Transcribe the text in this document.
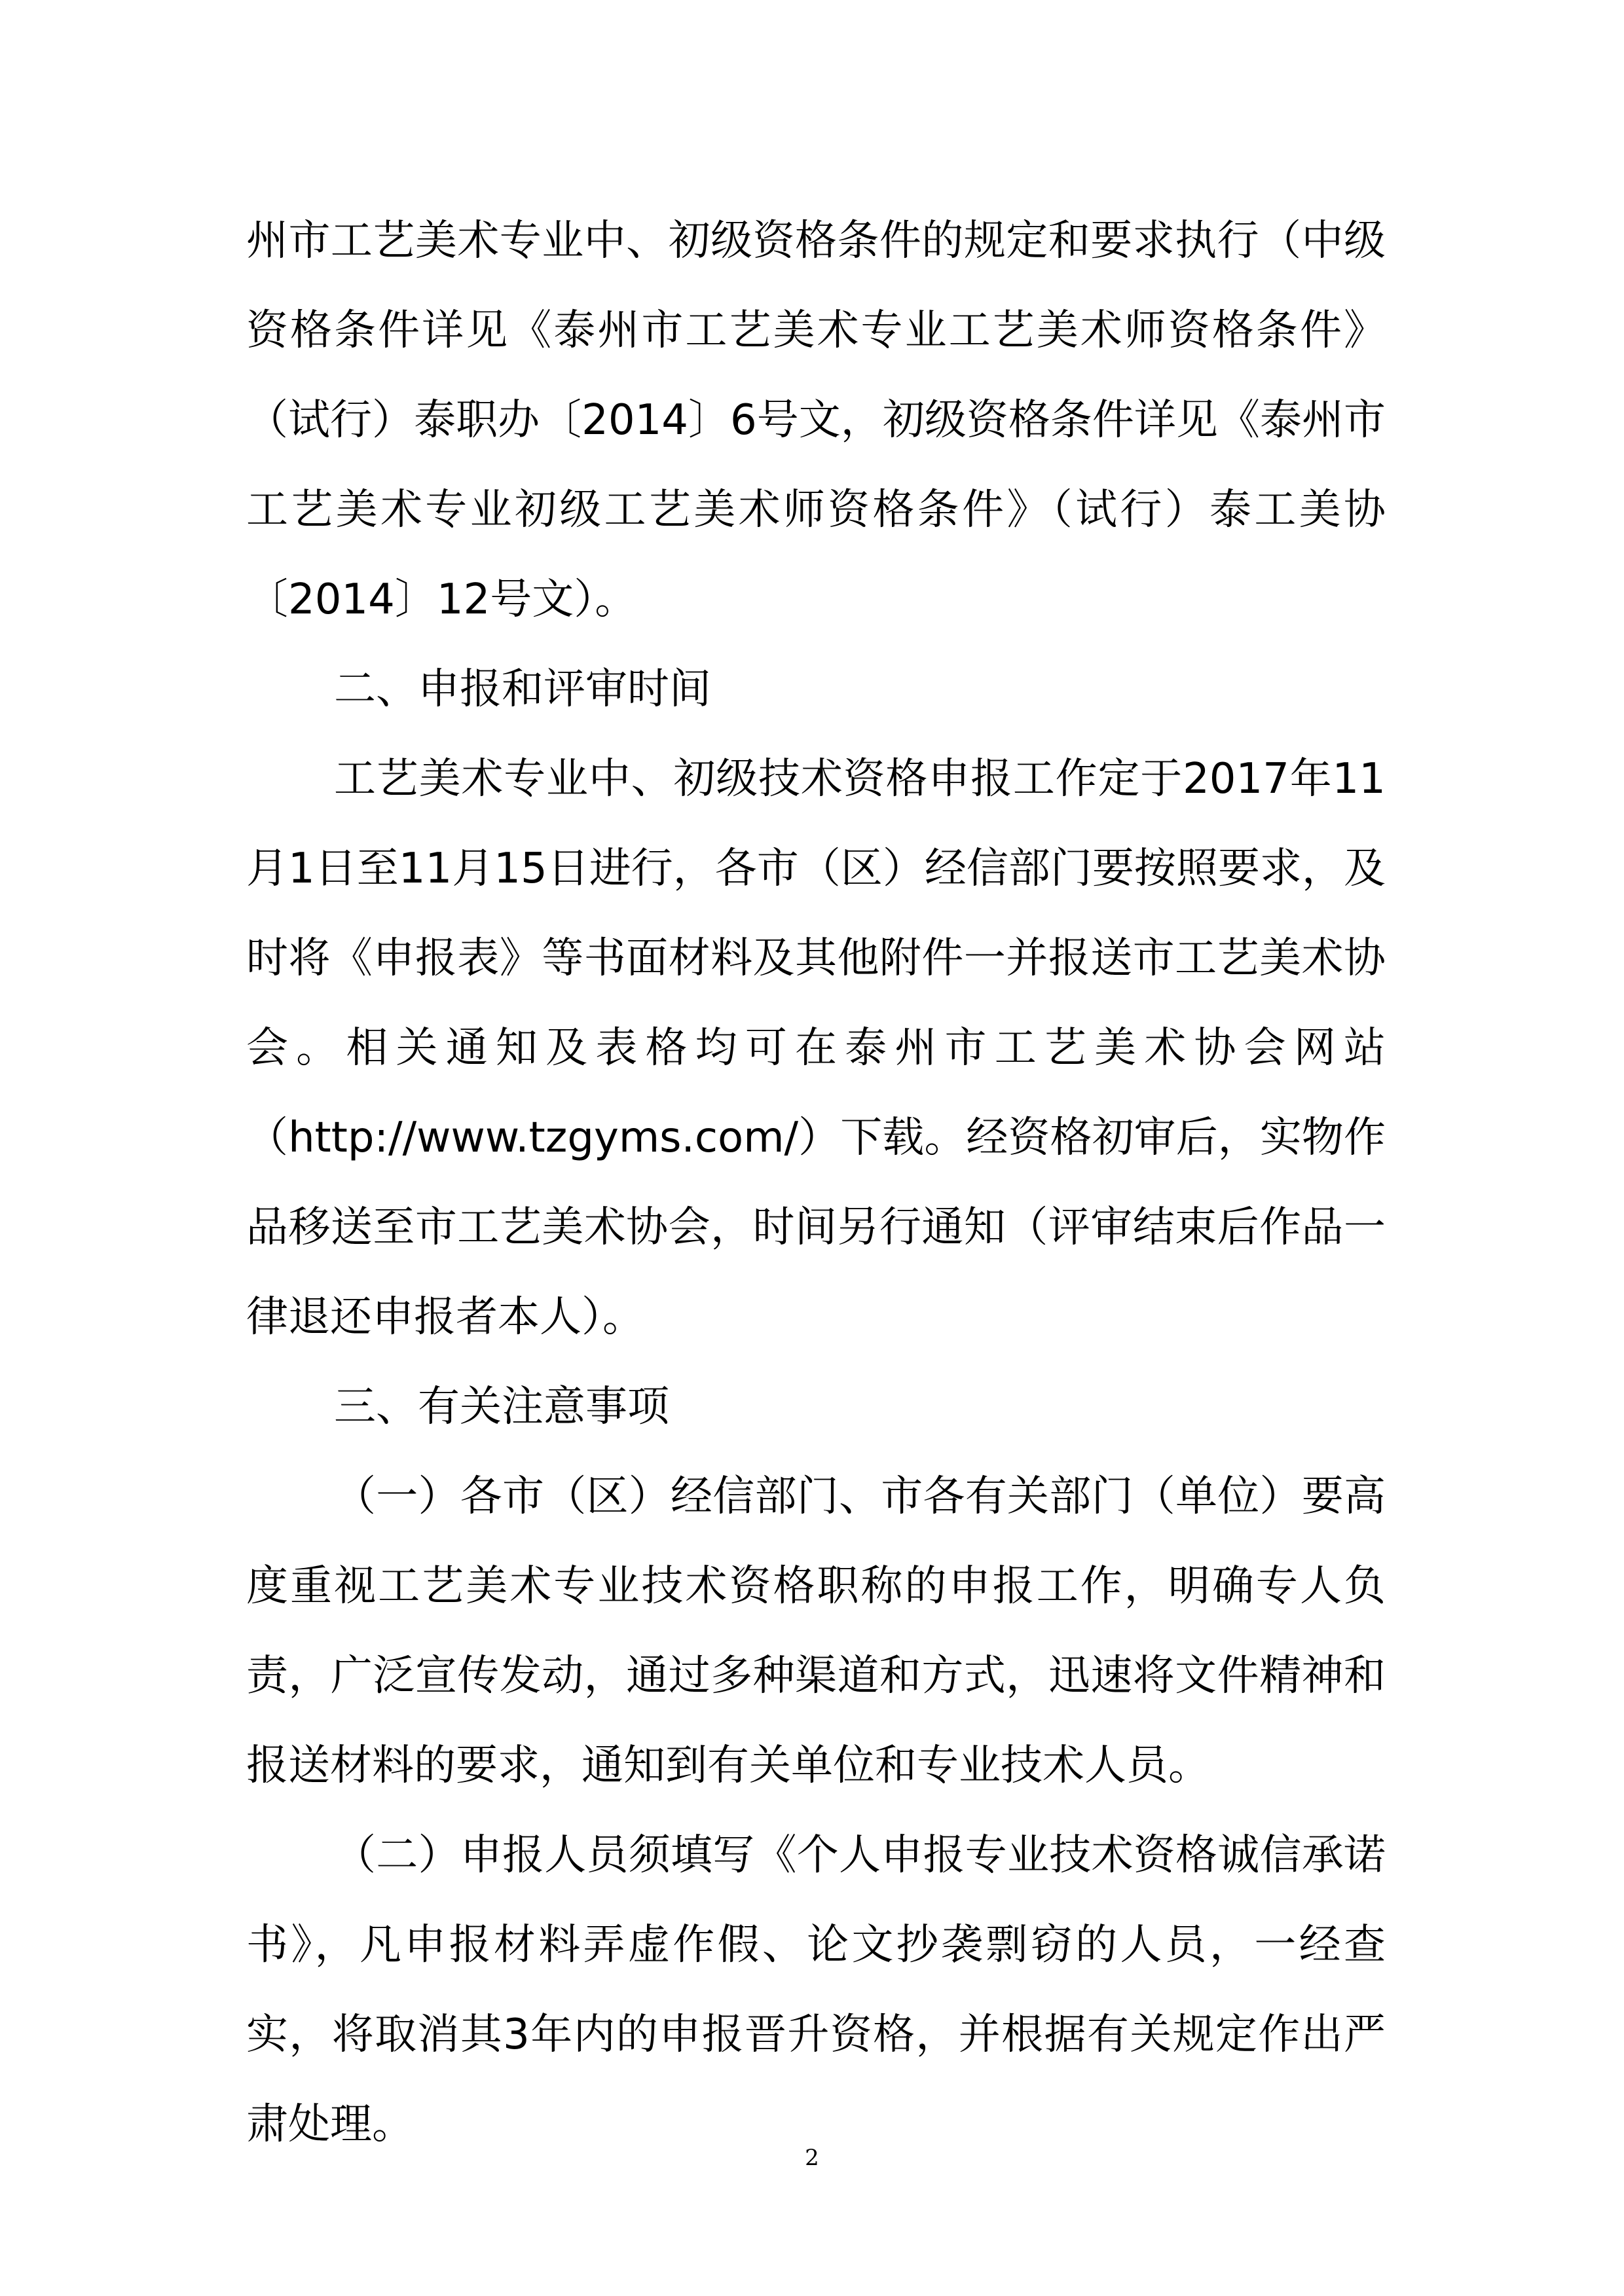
州市工艺美术专业中、初级资格条件的规定和要求执行（中级资格条件详见《泰州市工艺美术专业工艺美术师资格条件》（试行）泰职办〔2014〕6号文，初级资格条件详见《泰州市工艺美术专业初级工艺美术师资格条件》（试行）泰工美协〔2014〕12号文）。

二、申报和评审时间

工艺美术专业中、初级技术资格申报工作定于2017年11月1日至11月15日进行，各市（区）经信部门要按照要求，及时将《申报表》等书面材料及其他附件一并报送市工艺美术协会。相关通知及表格均可在泰州市工艺美术协会网站（http://www.tzgyms.com/）下载。经资格初审后，实物作品移送至市工艺美术协会，时间另行通知（评审结束后作品一律退还申报者本人）。

三、有关注意事项

（一）各市（区）经信部门、市各有关部门（单位）要高度重视工艺美术专业技术资格职称的申报工作，明确专人负责，广泛宣传发动，通过多种渠道和方式，迅速将文件精神和报送材料的要求，通知到有关单位和专业技术人员。

（二）申报人员须填写《个人申报专业技术资格诚信承诺书》，凡申报材料弄虚作假、论文抄袭剽窃的人员，一经查实，将取消其3年内的申报晋升资格，并根据有关规定作出严肃处理。

2
